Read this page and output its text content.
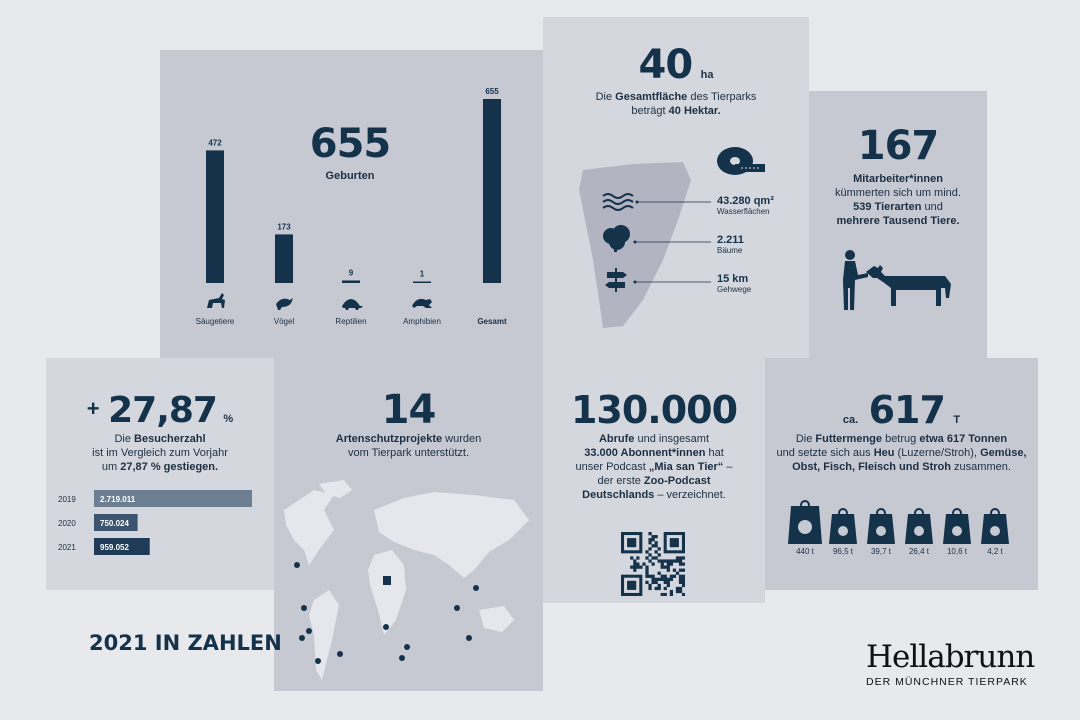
655
Geburten
472
Säugetiere
173
Vögel
9
Reptilien
1
Amphibien
655
Gesamt
40 ha
Die Gesamtfläche des Tierparks beträgt 40 Hektar.
43.280 qm²
Wasserflächen
2.211
Bäume
15 km
Gehwege
167
Mitarbeiter*innen
kümmerten sich um mind.
539 Tierarten und
mehrere Tausend Tiere.
+ 27,87 %
Die Besucherzahl
ist im Vergleich zum Vorjahr
um 27,87 % gestiegen.
2019	2.719.011
2020	750.024
2021	959.052
14
Artenschutzprojekte wurden
vom Tierpark unterstützt.
130.000
Abrufe und insgesamt
33.000 Abonnent*innen hat
unser Podcast „Mia san Tier“ –
der erste Zoo-Podcast
Deutschlands – verzeichnet.
ca. 617 T
Die Futtermenge betrug etwa 617 Tonnen
und setzte sich aus Heu (Luzerne/Stroh), Gemüse,
Obst, Fisch, Fleisch und Stroh zusammen.
440 t	96,5 t	39,7 t	26,4 t	10,6 t	4,2 t
2021 IN ZAHLEN	Hellabrunn
DER MÜNCHNER TIERPARK
